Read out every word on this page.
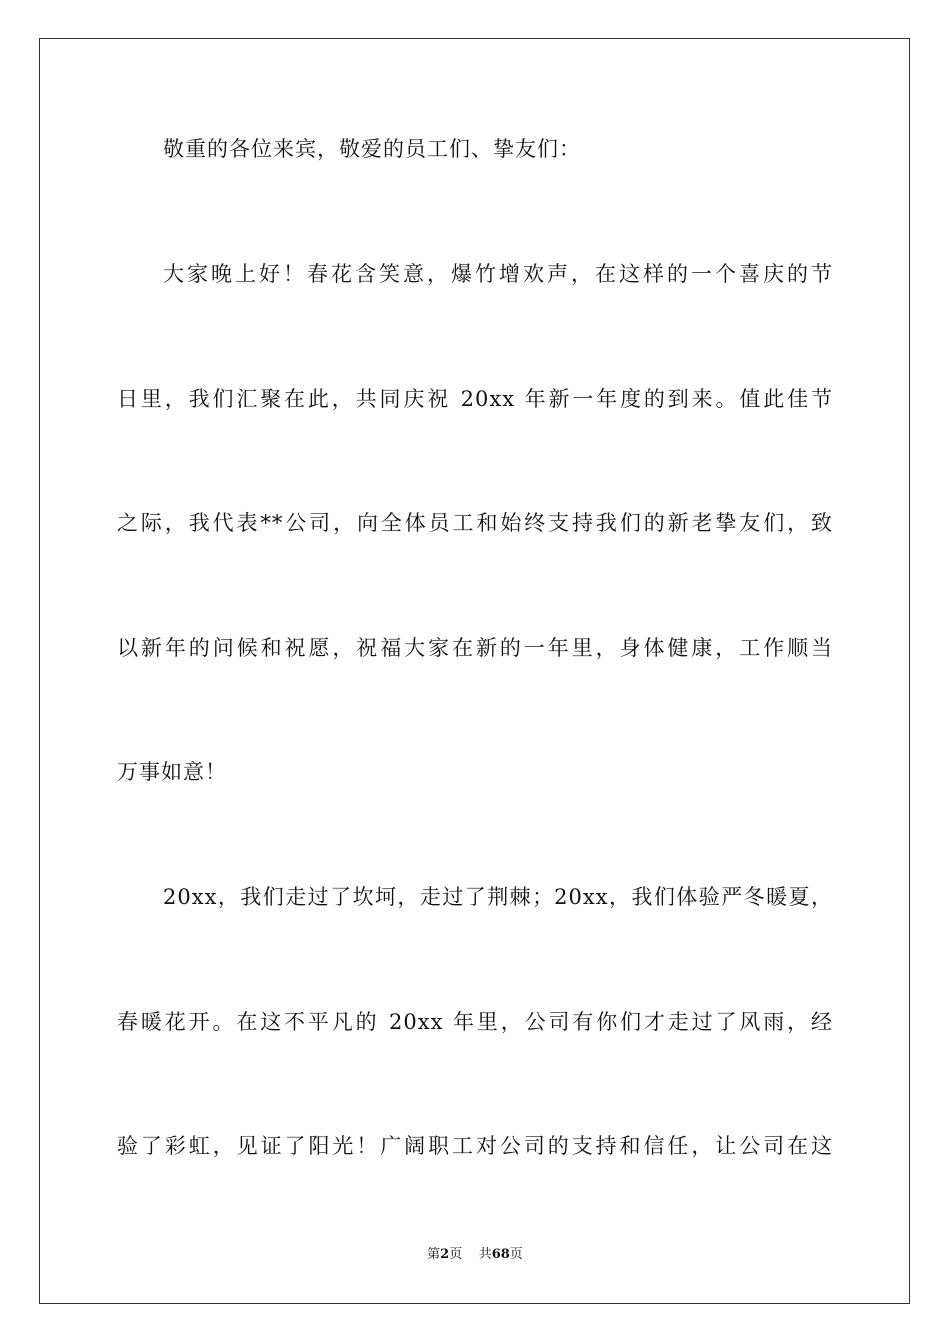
敬重的各位来宾，敬爱的员工们、挚友们：
大家晚上好！春花含笑意，爆竹增欢声，在这样的一个喜庆的节
日里，我们汇聚在此，共同庆祝 20xx 年新一年度的到来。值此佳节
之际，我代表**公司，向全体员工和始终支持我们的新老挚友们，致
以新年的问候和祝愿，祝福大家在新的一年里，身体健康，工作顺当
万事如意！
20xx，我们走过了坎坷，走过了荆棘；20xx，我们体验严冬暖夏，
春暖花开。在这不平凡的 20xx 年里，公司有你们才走过了风雨，经
验了彩虹，见证了阳光！广阔职工对公司的支持和信任，让公司在这
第2页 共68页
